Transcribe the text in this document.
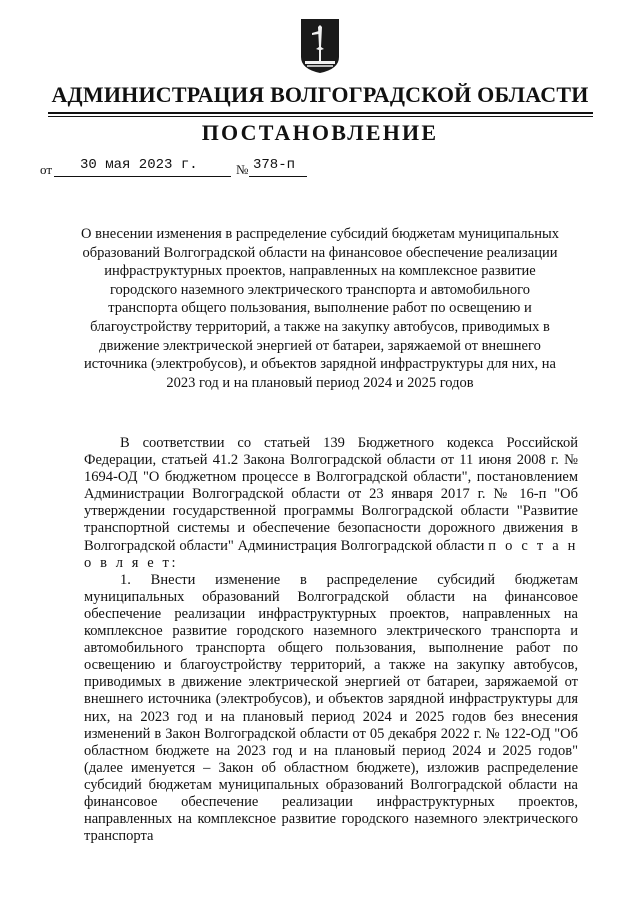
АДМИНИСТРАЦИЯ ВОЛГОГРАДСКОЙ ОБЛАСТИ
ПОСТАНОВЛЕНИЕ
от 30 мая 2023 г.	№ 378-п
О внесении изменения в распределение субсидий бюджетам муниципальных образований Волгоградской области на финансовое обеспечение реализации инфраструктурных проектов, направленных на комплексное развитие городского наземного электрического транспорта и автомобильного транспорта общего пользования, выполнение работ по освещению и благоустройству территорий, а также на закупку автобусов, приводимых в движение электрической энергией от батареи, заряжаемой от внешнего источника (электробусов), и объектов зарядной инфраструктуры для них, на 2023 год и на плановый период 2024 и 2025 годов

В соответствии со статьей 139 Бюджетного кодекса Российской Федерации, статьей 41.2 Закона Волгоградской области от 11 июня 2008 г. № 1694-ОД "О бюджетном процессе в Волгоградской области", постановлением Администрации Волгоградской области от 23 января 2017 г. № 16-п "Об утверждении государственной программы Волгоградской области "Развитие транспортной системы и обеспечение безопасности дорожного движения в Волгоградской области" Администрация Волгоградской области п о с т а н о в л я е т:

1. Внести изменение в распределение субсидий бюджетам муниципальных образований Волгоградской области на финансовое обеспечение реализации инфраструктурных проектов, направленных на комплексное развитие городского наземного электрического транспорта и автомобильного транспорта общего пользования, выполнение работ по освещению и благоустройству территорий, а также на закупку автобусов, приводимых в движение электрической энергией от батареи, заряжаемой от внешнего источника (электробусов), и объектов зарядной инфраструктуры для них, на 2023 год и на плановый период 2024 и 2025 годов без внесения изменений в Закон Волгоградской области от 05 декабря 2022 г. № 122-ОД "Об областном бюджете на 2023 год и на плановый период 2024 и 2025 годов" (далее именуется – Закон об областном бюджете), изложив распределение субсидий бюджетам муниципальных образований Волгоградской области на финансовое обеспечение реализации инфраструктурных проектов, направленных на комплексное развитие городского наземного электрического транспорта
